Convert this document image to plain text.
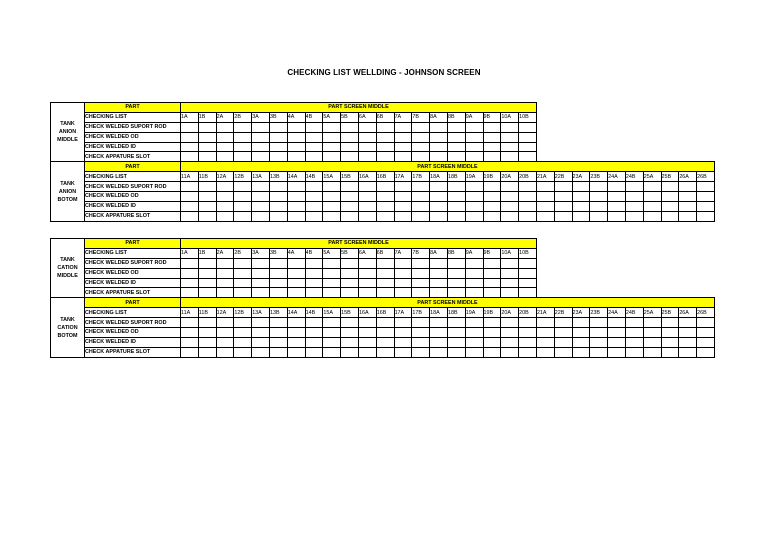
CHECKING LIST WELLDING - JOHNSON SCREEN
TANK
ANION
MIDDLE	PART	PART SCREEN MIDDLE																													
	CHECKING LIST	1A	1B	2A	2B	3A	3B	4A	4B	5A	5B	6A	6B	7A	7B	8A	8B	9A	9B	10A	10B										
	CHECK WELDED SUPORT ROD																														
	CHECK WELDED OD																														
	CHECK WELDED ID																														
	CHECK APPATURE SLOT																														

TANK
ANION
BOTOM	PART	PART SCREEN MIDDLE																													
	CHECKING LIST	11A	11B	12A	12B	13A	13B	14A	14B	15A	15B	16A	16B	17A	17B	18A	18B	19A	19B	20A	20B	21A	22B	23A	23B	24A	24B	25A	25B	26A	26B
	CHECK WELDED SUPORT ROD																														
	CHECK WELDED OD																														
	CHECK WELDED ID																														
	CHECK APPATURE SLOT																														
TANK
CATION
MIDDLE	PART	PART SCREEN MIDDLE																													
	CHECKING LIST	1A	1B	2A	2B	3A	3B	4A	4B	5A	5B	6A	6B	7A	7B	8A	8B	9A	9B	10A	10B										
	CHECK WELDED SUPORT ROD																														
	CHECK WELDED OD																														
	CHECK WELDED ID																														
	CHECK APPATURE SLOT																														

TANK
CATION
BOTOM	PART	PART SCREEN MIDDLE																													
	CHECKING LIST	11A	11B	12A	12B	13A	13B	14A	14B	15A	15B	16A	16B	17A	17B	18A	18B	19A	19B	20A	20B	21A	22B	23A	23B	24A	24B	25A	25B	26A	26B
	CHECK WELDED SUPORT ROD																														
	CHECK WELDED OD																														
	CHECK WELDED ID																														
	CHECK APPATURE SLOT																														
